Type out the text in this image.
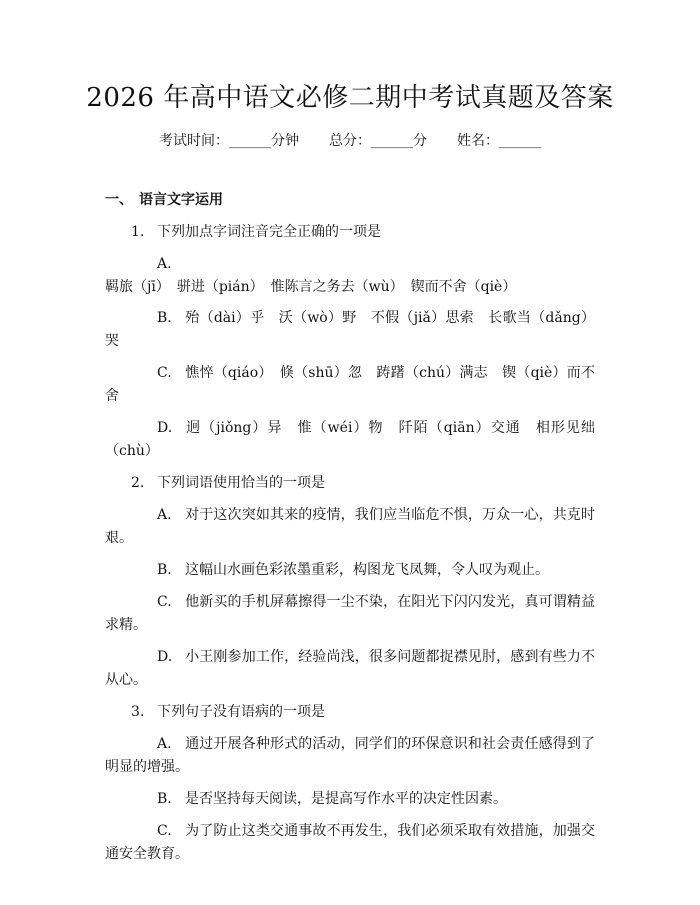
2026 年高中语文必修二期中考试真题及答案
考试时间：______分钟 总分：______分 姓名：______
一、 语言文字运用
1. 下列加点字词注音完全正确的一项是
A.羁旅（jī）　骈进（pián）　惟陈言之务去（wù）　锲而不舍（qiè）
B. 殆（dài）乎　沃（wò）野　不假（jiǎ）思索　长歌当（dǎng）哭
C. 憔悴（qiáo）　倏（shū）忽　踌躇（chú）满志　锲（qiè）而不舍
D. 迥（jiǒng）异　惟（wéi）物　阡陌（qiān）交通　相形见绌（chù）
2. 下列词语使用恰当的一项是
A. 对于这次突如其来的疫情，我们应当临危不惧，万众一心，共克时艰。
B. 这幅山水画色彩浓墨重彩，构图龙飞凤舞，令人叹为观止。
C. 他新买的手机屏幕擦得一尘不染，在阳光下闪闪发光，真可谓精益求精。
D. 小王刚参加工作，经验尚浅，很多问题都捉襟见肘，感到有些力不从心。
3. 下列句子没有语病的一项是
A. 通过开展各种形式的活动，同学们的环保意识和社会责任感得到了明显的增强。
B. 是否坚持每天阅读，是提高写作水平的决定性因素。
C. 为了防止这类交通事故不再发生，我们必须采取有效措施，加强交通安全教育。
